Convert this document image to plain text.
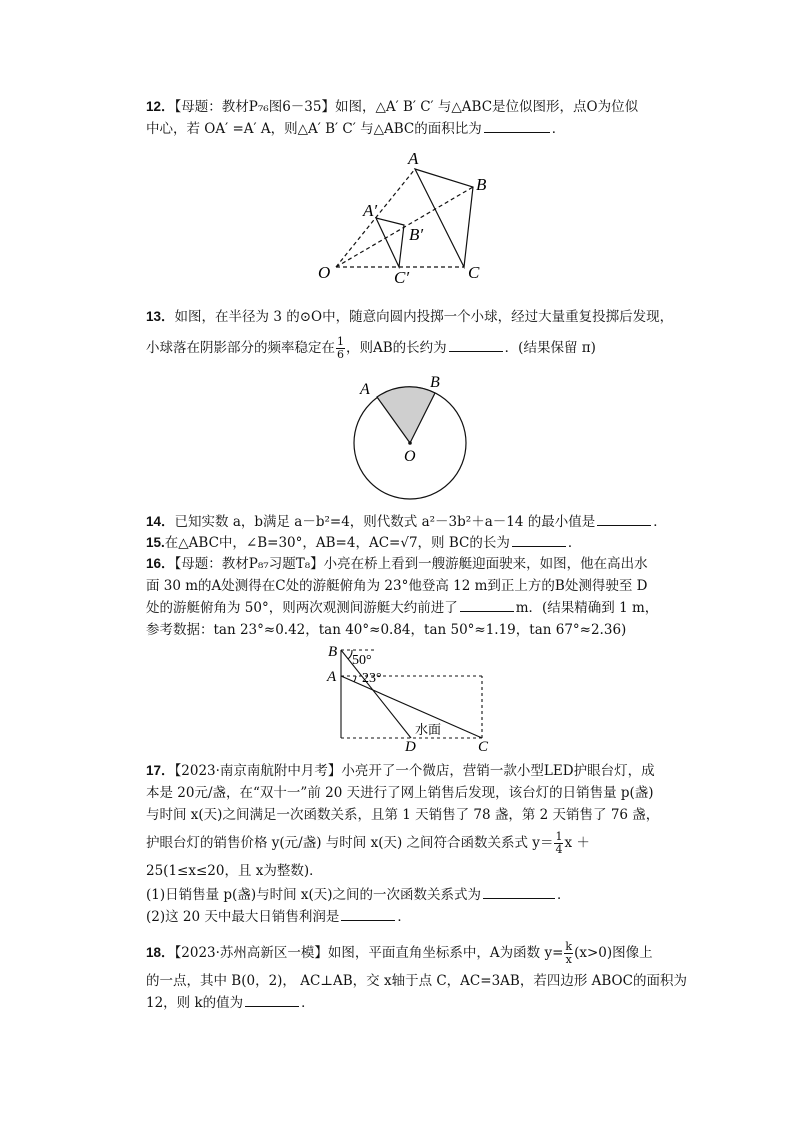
12．【母题：教材P₇₆图6－35】如图，△A′ B′ C′ 与△ABC是位似图形，点O为位似
中心，若 OA′ =A′ A，则△A′ B′ C′ 与△ABC的面积比为	．
A
B
A′
B′
O	C′	C
13．如图，在半径为 3 的⊙O中，随意向圆内投掷一个小球，经过大量重复投掷后发现，
小球落在阴影部分的频率稳定在 $\frac{1}{6}$ ，则AB的长约为	．(结果保留 π)
A	B
O
14．已知实数 a，b满足 a－b²=4，则代数式 a²－3b²＋a－14 的最小值是	．
15.在△ABC中，∠B=30°，AB=4，AC=√7，则 BC的长为	．
16．【母题：教材P₈₇习题T₈】小亮在桥上看到一艘游艇迎面驶来，如图，他在高出水
面 30 m的A处测得在C处的游艇俯角为 23°他登高 12 m到正上方的B处测得驶至 D
处的游艇俯角为 50°，则两次观测间游艇大约前进了	m．(结果精确到 1 m，
参考数据：tan 23°≈0.42，tan 40°≈0.84，tan 50°≈1.19，tan 67°≈2.36)
B
A
D	C
50°
23°
水面
17．【2023·南京南航附中月考】小亮开了一个微店，营销一款小型LED护眼台灯，成
本是 20元/盏，在“双十一”前 20 天进行了网上销售后发现，该台灯的日销售量 p(盏)
与时间 x(天)之间满足一次函数关系，且第 1 天销售了 78 盏，第 2 天销售了 76 盏，
护眼台灯的销售价格 y(元/盏) 与时间 x(天) 之间符合函数关系式 $y= \frac{1}{4}$ x ＋
25(1≤x≤20，且 x为整数)．
(1)日销售量 p(盏)与时间 x(天)之间的一次函数关系式为	．
(2)这 20 天中最大日销售利润是	．
18．【2023·苏州高新区一模】如图，平面直角坐标系中，A为函数 $y= \frac{k}{x} (x>0)$图像上
的一点，其中 B(0，2)， AC⊥AB，交 x轴于点 C，AC=3AB，若四边形 ABOC的面积为
12，则 k的值为	．
